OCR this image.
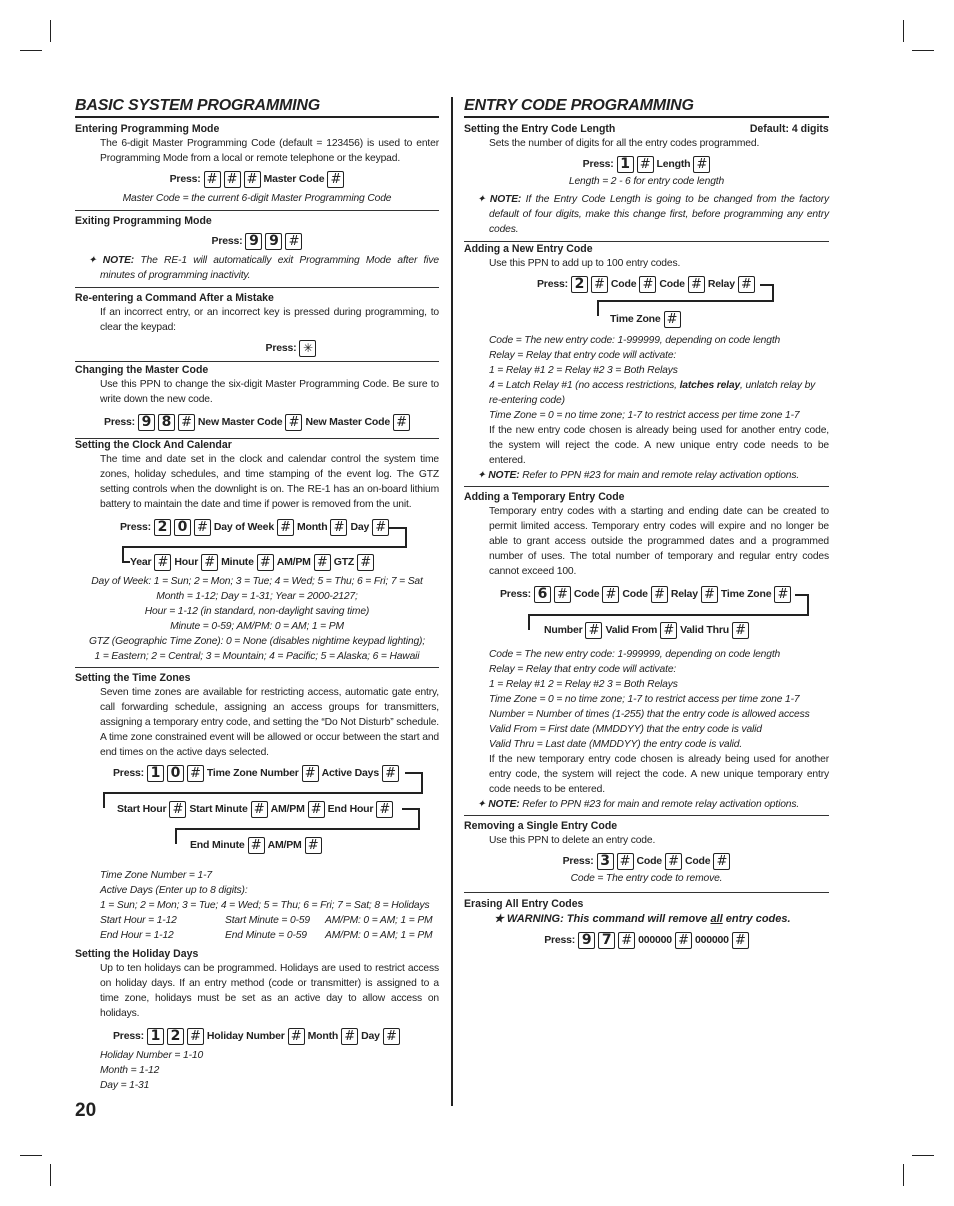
BASIC SYSTEM PROGRAMMING
Entering Programming Mode
The 6-digit Master Programming Code (default = 123456) is used to enter Programming Mode from a local or remote telephone or the keypad.
Press: # # # Master Code #
Master Code = the current 6-digit Master Programming Code
Exiting Programming Mode
Press: 9 9 #
✦ NOTE: The RE-1 will automatically exit Programming Mode after five minutes of programming inactivity.
Re-entering a Command After a Mistake
If an incorrect entry, or an incorrect key is pressed during programming, to clear the keypad:
Press: ✳
Changing the Master Code
Use this PPN to change the six-digit Master Programming Code. Be sure to write down the new code.
Press: 9 8 # New Master Code # New Master Code #
Setting the Clock And Calendar
The time and date set in the clock and calendar control the system time zones, holiday schedules, and time stamping of the event log. The GTZ setting controls when the downlight is on. The RE-1 has an on-board lithium battery to maintain the date and time if power is removed from the unit.
Press: 2 0 # Day of Week # Month # Day #
Year # Hour # Minute # AM/PM # GTZ #
Day of Week: 1 = Sun; 2 = Mon; 3 = Tue; 4 = Wed; 5 = Thu; 6 = Fri; 7 = Sat
Month = 1-12; Day = 1-31; Year = 2000-2127;
Hour = 1-12 (in standard, non-daylight saving time)
Minute = 0-59; AM/PM: 0 = AM; 1 = PM
GTZ (Geographic Time Zone): 0 = None (disables nightime keypad lighting);
1 = Eastern; 2 = Central; 3 = Mountain; 4 = Pacific; 5 = Alaska; 6 = Hawaii
Setting the Time Zones
Seven time zones are available for restricting access, automatic gate entry, call forwarding schedule, assigning an access groups for transmitters, assigning a temporary entry code, and setting the “Do Not Disturb” schedule. A time zone constrained event will be allowed or occur between the start and end times on the active days selected.
Press: 1 0 # Time Zone Number # Active Days #
Start Hour # Start Minute # AM/PM # End Hour #
End Minute # AM/PM #
Time Zone Number = 1-7
Active Days (Enter up to 8 digits):
1 = Sun; 2 = Mon; 3 = Tue; 4 = Wed; 5 = Thu; 6 = Fri; 7 = Sat; 8 = Holidays
Start Hour = 1-12	Start Minute = 0-59	AM/PM: 0 = AM; 1 = PM
End Hour = 1-12	End Minute = 0-59	AM/PM: 0 = AM; 1 = PM
Setting the Holiday Days
Up to ten holidays can be programmed. Holidays are used to restrict access on holiday days. If an entry method (code or transmitter) is assigned to a time zone, holidays must be set as an active day to allow access on holidays.
Press: 1 2 # Holiday Number # Month # Day #
Holiday Number = 1-10
Month = 1-12
Day = 1-31
ENTRY CODE PROGRAMMING
Setting the Entry Code Length	Default: 4 digits
Sets the number of digits for all the entry codes programmed.
Press: 1 # Length #
Length = 2 - 6 for entry code length
✦ NOTE: If the Entry Code Length is going to be changed from the factory default of four digits, make this change first, before programming any entry codes.
Adding a New Entry Code
Use this PPN to add up to 100 entry codes.
Press: 2 # Code # Code # Relay #
Time Zone #
Code = The new entry code: 1-999999, depending on code length
Relay = Relay that entry code will activate:
1 = Relay #1 2 = Relay #2 3 = Both Relays
4 = Latch Relay #1 (no access restrictions, latches relay, unlatch relay by re-entering code)
Time Zone = 0 = no time zone; 1-7 to restrict access per time zone 1-7
If the new entry code chosen is already being used for another entry code, the system will reject the code. A new unique entry code needs to be entered.
✦ NOTE: Refer to PPN #23 for main and remote relay activation options.
Adding a Temporary Entry Code
Temporary entry codes with a starting and ending date can be created to permit limited access. Temporary entry codes will expire and no longer be able to grant access outside the programmed dates and a programmed number of uses. The total number of temporary and regular entry codes cannot exceed 100.
Press: 6 # Code # Code # Relay # Time Zone #
Number # Valid From # Valid Thru #
Code = The new entry code: 1-999999, depending on code length
Relay = Relay that entry code will activate:
1 = Relay #1 2 = Relay #2 3 = Both Relays
Time Zone = 0 = no time zone; 1-7 to restrict access per time zone 1-7
Number = Number of times (1-255) that the entry code is allowed access
Valid From = First date (MMDDYY) that the entry code is valid
Valid Thru = Last date (MMDDYY) the entry code is valid.
If the new temporary entry code chosen is already being used for another entry code, the system will reject the code. A new unique temporary entry code needs to be entered.
✦ NOTE: Refer to PPN #23 for main and remote relay activation options.
Removing a Single Entry Code
Use this PPN to delete an entry code.
Press: 3 # Code # Code #
Code = The entry code to remove.
Erasing All Entry Codes
★ WARNING: This command will remove all entry codes.
Press: 9 7 # 000000 # 000000 #
20
